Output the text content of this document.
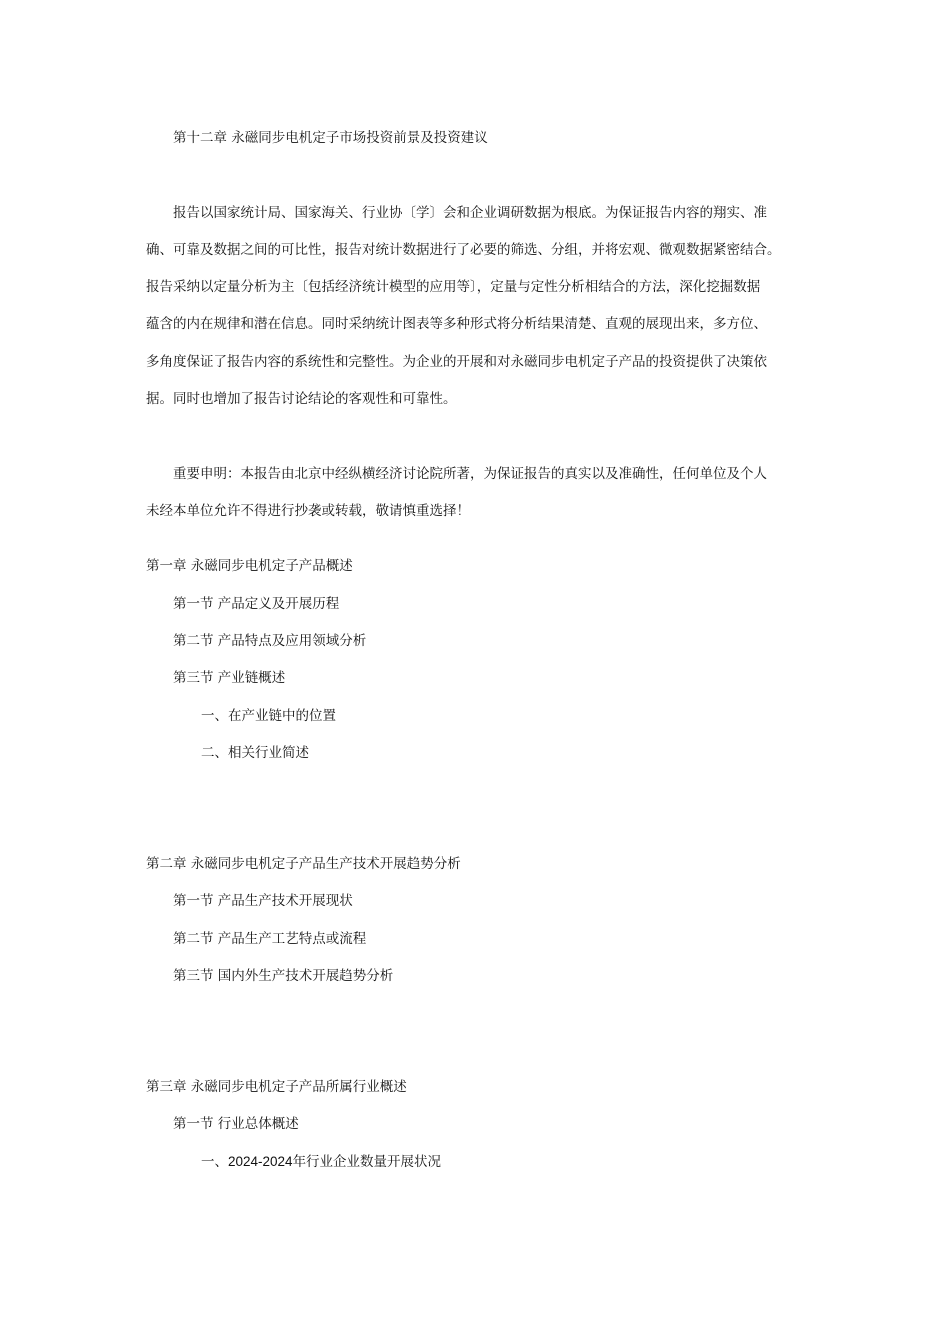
第十二章 永磁同步电机定子市场投资前景及投资建议

报告以国家统计局、国家海关、行业协〔学〕会和企业调研数据为根底。为保证报告内容的翔实、准

确、可靠及数据之间的可比性，报告对统计数据进行了必要的筛选、分组，并将宏观、微观数据紧密结合。

报告采纳以定量分析为主〔包括经济统计模型的应用等〕，定量与定性分析相结合的方法，深化挖掘数据

蕴含的内在规律和潜在信息。同时采纳统计图表等多种形式将分析结果清楚、直观的展现出来，多方位、

多角度保证了报告内容的系统性和完整性。为企业的开展和对永磁同步电机定子产品的投资提供了决策依

据。同时也增加了报告讨论结论的客观性和可靠性。

重要申明：本报告由北京中经纵横经济讨论院所著，为保证报告的真实以及准确性，任何单位及个人

未经本单位允许不得进行抄袭或转载，敬请慎重选择！

第一章 永磁同步电机定子产品概述

第一节 产品定义及开展历程

第二节 产品特点及应用领域分析

第三节 产业链概述

一、在产业链中的位置

二、相关行业简述

第二章 永磁同步电机定子产品生产技术开展趋势分析

第一节 产品生产技术开展现状

第二节 产品生产工艺特点或流程

第三节 国内外生产技术开展趋势分析

第三章 永磁同步电机定子产品所属行业概述

第一节 行业总体概述

一、2024-2024年行业企业数量开展状况
